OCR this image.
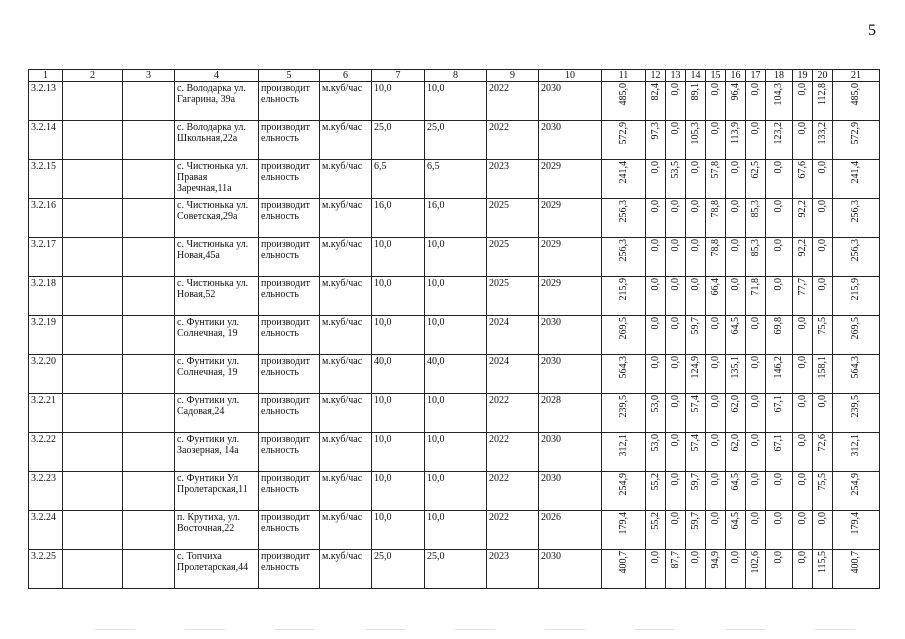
5
1	2	3	4	5	6	7	8	9	10	11	12	13	14	15	16	17	18	19	20	21
3.2.13			с. Володарка ул. Гагарина, 39а	производит ельность	м.куб/час	10,0	10,0	2022	2030	485,0	82,4	0,0	89,1	0,0	96,4	0,0	104,3	0,0	112,8	485,0
3.2.14			с. Володарка ул. Школьная,22а	производит ельность	м.куб/час	25,0	25,0	2022	2030	572,9	97,3	0,0	105,3	0,0	113,9	0,0	123,2	0,0	133,2	572,9
3.2.15			с. Чистюнька ул. Правая Заречная,11а	производит ельность	м.куб/час	6,5	6,5	2023	2029	241,4	0,0	53,5	0,0	57,8	0,0	62,5	0,0	67,6	0,0	241,4
3.2.16			с. Чистюнька ул. Советская,29а	производит ельность	м.куб/час	16,0	16,0	2025	2029	256,3	0,0	0,0	0,0	78,8	0,0	85,3	0,0	92,2	0,0	256,3
3.2.17			с. Чистюнька ул. Новая,45а	производит ельность	м.куб/час	10,0	10,0	2025	2029	256,3	0,0	0,0	0,0	78,8	0,0	85,3	0,0	92,2	0,0	256,3
3.2.18			с. Чистюнька ул. Новая,52	производит ельность	м.куб/час	10,0	10,0	2025	2029	215,9	0,0	0,0	0,0	66,4	0,0	71,8	0,0	77,7	0,0	215,9
3.2.19			с. Фунтики ул. Солнечная, 19	производит ельность	м.куб/час	10,0	10,0	2024	2030	269,5	0,0	0,0	59,7	0,0	64,5	0,0	69,8	0,0	75,5	269,5
3.2.20			с. Фунтики ул. Солнечная, 19	производит ельность	м.куб/час	40,0	40,0	2024	2030	564,3	0,0	0,0	124,9	0,0	135,1	0,0	146,2	0,0	158,1	564,3
3.2.21			с. Фунтики ул. Садовая,24	производит ельность	м.куб/час	10,0	10,0	2022	2028	239,5	53,0	0,0	57,4	0,0	62,0	0,0	67,1	0,0	0,0	239,5
3.2.22			с. Фунтики ул. Заозерная, 14а	производит ельность	м.куб/час	10,0	10,0	2022	2030	312,1	53,0	0,0	57,4	0,0	62,0	0,0	67,1	0,0	72,6	312,1
3.2.23			с. Фунтики Ул Пролетарская,11	производит ельность	м.куб/час	10,0	10,0	2022	2030	254,9	55,2	0,0	59,7	0,0	64,5	0,0	0,0	0,0	75,5	254,9
3.2.24			п. Крутиха, ул. Восточная,22	производит ельность	м.куб/час	10,0	10,0	2022	2026	179,4	55,2	0,0	59,7	0,0	64,5	0,0	0,0	0,0	0,0	179,4
3.2.25			с. Топчиха Пролетарская,44	производит ельность	м.куб/час	25,0	25,0	2023	2030	400,7	0,0	87,7	0,0	94,9	0,0	102,6	0,0	0,0	115,5	400,7
